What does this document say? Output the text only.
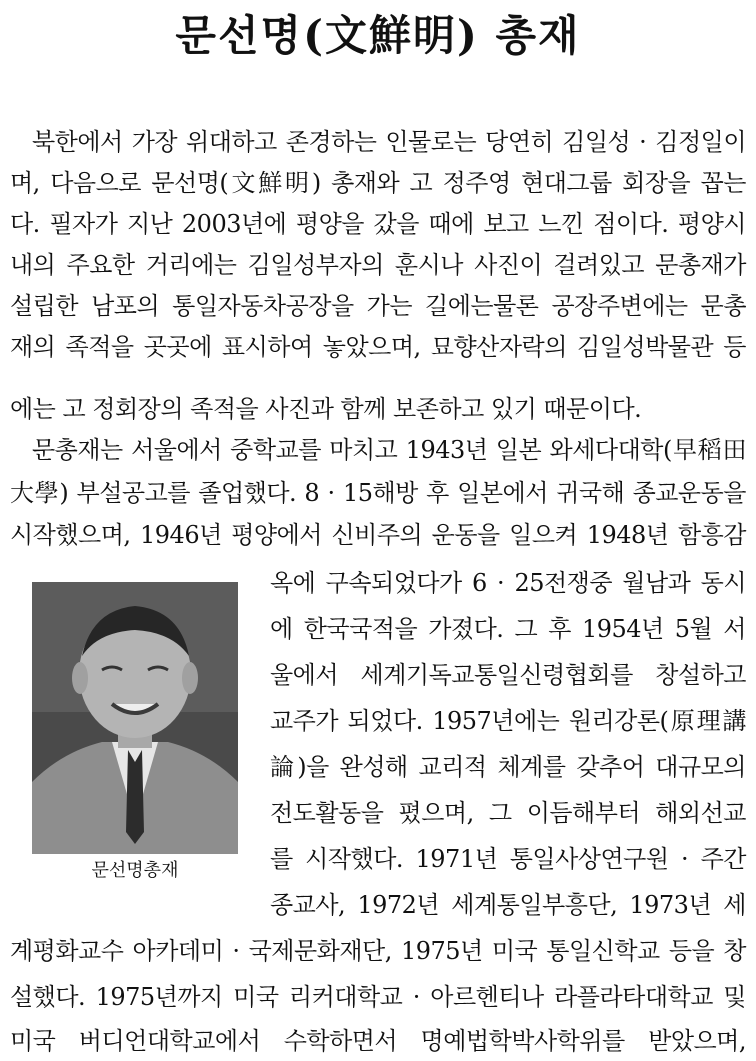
문선명(文鮮明) 총재
북한에서 가장 위대하고 존경하는 인물로는 당연히 김일성 · 김정일이
며, 다음으로 문선명(文鮮明) 총재와 고 정주영 현대그룹 회장을 꼽는
다. 필자가 지난 2003년에 평양을 갔을 때에 보고 느낀 점이다. 평양시
내의 주요한 거리에는 김일성부자의 훈시나 사진이 걸려있고 문총재가
설립한 남포의 통일자동차공장을 가는 길에는물론 공장주변에는 문총
재의 족적을 곳곳에 표시하여 놓았으며, 묘향산자락의 김일성박물관 등
에는 고 정회장의 족적을 사진과 함께 보존하고 있기 때문이다.
문총재는 서울에서 중학교를 마치고 1943년 일본 와세다대학(早稻田
大學) 부설공고를 졸업했다. 8 · 15해방 후 일본에서 귀국해 종교운동을
시작했으며, 1946년 평양에서 신비주의 운동을 일으켜 1948년 함흥감
옥에 구속되었다가 6 · 25전쟁중 월남과 동시
에 한국국적을 가졌다. 그 후 1954년 5월 서
울에서 세계기독교통일신령협회를 창설하고
교주가 되었다. 1957년에는 원리강론(原理講
論)을 완성해 교리적 체계를 갖추어 대규모의
전도활동을 폈으며, 그 이듬해부터 해외선교
를 시작했다. 1971년 통일사상연구원 · 주간
종교사, 1972년 세계통일부흥단, 1973년 세
계평화교수 아카데미 · 국제문화재단, 1975년 미국 통일신학교 등을 창
설했다. 1975년까지 미국 리커대학교 · 아르헨티나 라플라타대학교 및
미국 버디언대학교에서 수학하면서 명예법학박사학위를 받았으며,
문선명총재
